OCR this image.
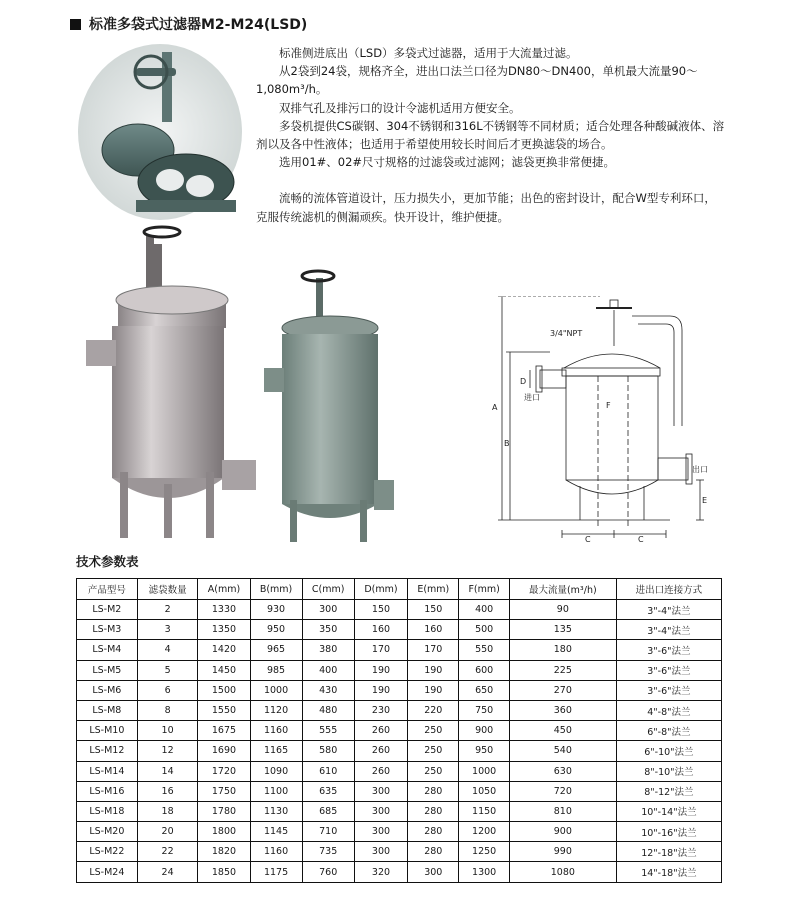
标准多袋式过滤器M2-M24(LSD)

标准侧进底出（LSD）多袋式过滤器，适用于大流量过滤。

从2袋到24袋，规格齐全，进出口法兰口径为DN80～DN400，单机最大流量90～1,080m³/h。

双排气孔及排污口的设计令滤机适用方便安全。

多袋机提供CS碳钢、304不锈钢和316L不锈钢等不同材质；适合处理各种酸碱液体、溶剂以及各中性液体；也适用于希望使用较长时间后才更换滤袋的场合。

选用01#、02#尺寸规格的过滤袋或过滤网；滤袋更换非常便捷。

流畅的流体管道设计，压力损失小，更加节能；出色的密封设计，配合W型专利环口，克服传统滤机的侧漏顽疾。快开设计，维护便捷。

3/4"NPT
A
B
D
E
F
C	C
进口
出口
技术参数表
产品型号	滤袋数量	A(mm)	B(mm)	C(mm)	D(mm)	E(mm)	F(mm)	最大流量(m³/h)	进出口连接方式
LS-M2	2	1330	930	300	150	150	400	90	3"-4"法兰
LS-M3	3	1350	950	350	160	160	500	135	3"-4"法兰
LS-M4	4	1420	965	380	170	170	550	180	3"-6"法兰
LS-M5	5	1450	985	400	190	190	600	225	3"-6"法兰
LS-M6	6	1500	1000	430	190	190	650	270	3"-6"法兰
LS-M8	8	1550	1120	480	230	220	750	360	4"-8"法兰
LS-M10	10	1675	1160	555	260	250	900	450	6"-8"法兰
LS-M12	12	1690	1165	580	260	250	950	540	6"-10"法兰
LS-M14	14	1720	1090	610	260	250	1000	630	8"-10"法兰
LS-M16	16	1750	1100	635	300	280	1050	720	8"-12"法兰
LS-M18	18	1780	1130	685	300	280	1150	810	10"-14"法兰
LS-M20	20	1800	1145	710	300	280	1200	900	10"-16"法兰
LS-M22	22	1820	1160	735	300	280	1250	990	12"-18"法兰
LS-M24	24	1850	1175	760	320	300	1300	1080	14"-18"法兰
